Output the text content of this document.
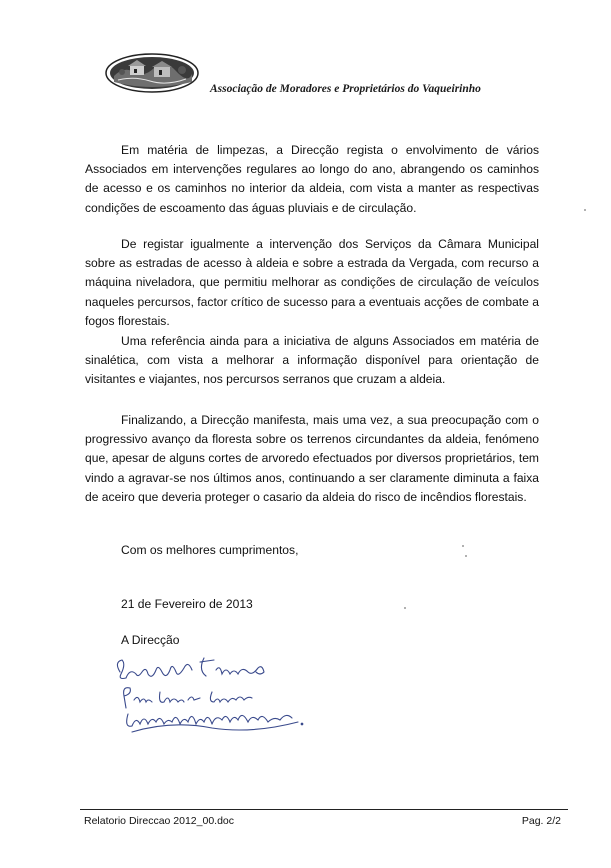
Associação de Moradores e Proprietários do Vaqueirinho

Em matéria de limpezas, a Direcção regista o envolvimento de vários Associados em intervenções regulares ao longo do ano, abrangendo os caminhos de acesso e os caminhos no interior da aldeia, com vista a manter as respectivas condições de escoamento das águas pluviais e de circulação.

De registar igualmente a intervenção dos Serviços da Câmara Municipal sobre as estradas de acesso à aldeia e sobre a estrada da Vergada, com recurso a máquina niveladora, que permitiu melhorar as condições de circulação de veículos naqueles percursos, factor crítico de sucesso para a eventuais acções de combate a fogos florestais.

Uma referência ainda para a iniciativa de alguns Associados em matéria de sinalética, com vista a melhorar a informação disponível para orientação de visitantes e viajantes, nos percursos serranos que cruzam a aldeia.

Finalizando, a Direcção manifesta, mais uma vez, a sua preocupação com o progressivo avanço da floresta sobre os terrenos circundantes da aldeia, fenómeno que, apesar de alguns cortes de arvoredo efectuados por diversos proprietários, tem vindo a agravar-se nos últimos anos, continuando a ser claramente diminuta a faixa de aceiro que deveria proteger o casario da aldeia do risco de incêndios florestais.

Com os melhores cumprimentos,
21 de Fevereiro de 2013
A Direcção
Relatorio Direccao 2012_00.doc	Pag. 2/2
